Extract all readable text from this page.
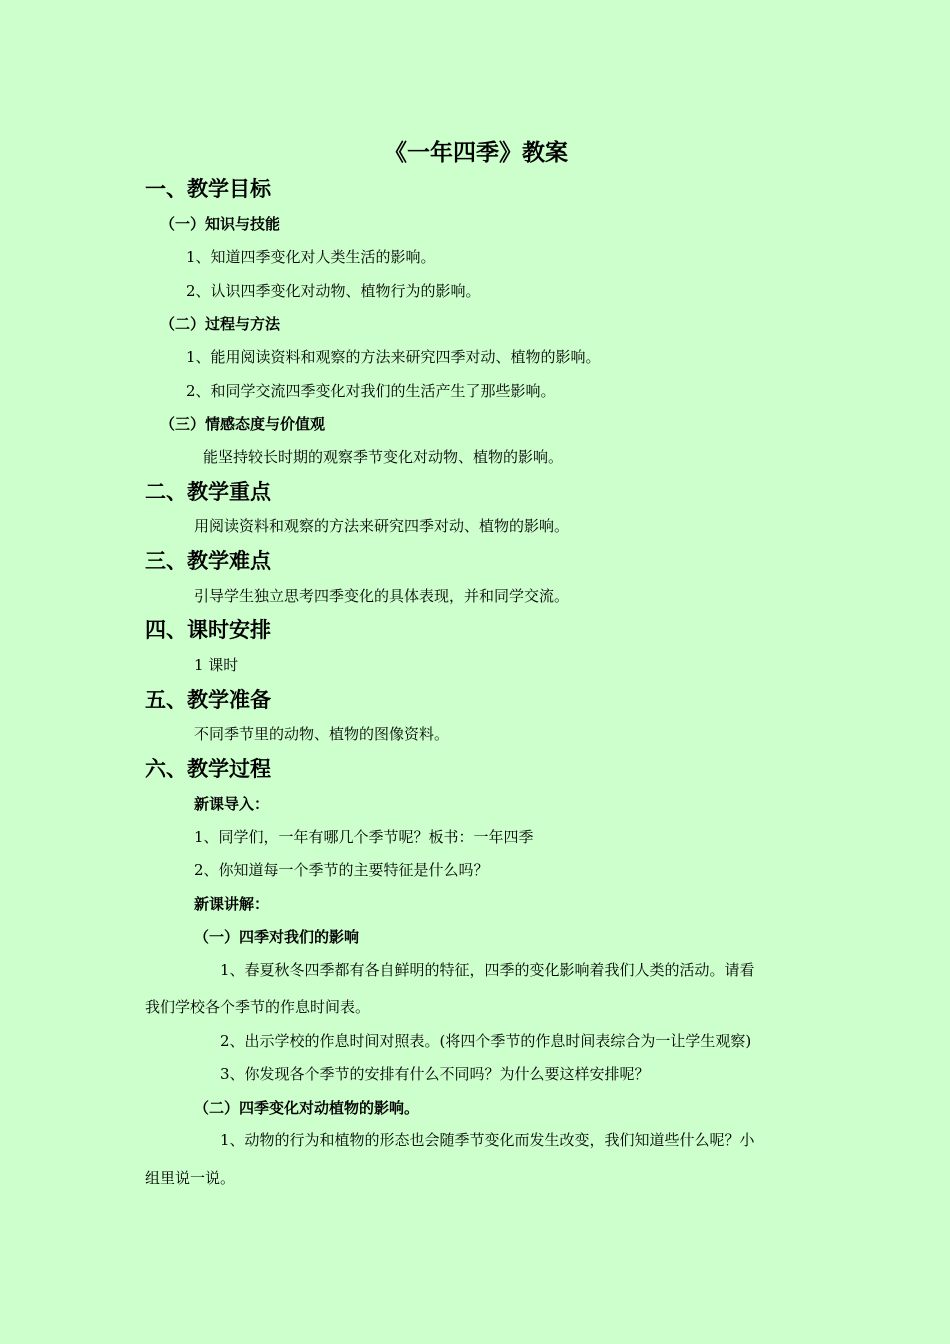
《一年四季》教案
一、教学目标
（一）知识与技能
1、知道四季变化对人类生活的影响。
2、认识四季变化对动物、植物行为的影响。
（二）过程与方法
1、能用阅读资料和观察的方法来研究四季对动、植物的影响。
2、和同学交流四季变化对我们的生活产生了那些影响。
（三）情感态度与价值观
能坚持较长时期的观察季节变化对动物、植物的影响。
二、教学重点
用阅读资料和观察的方法来研究四季对动、植物的影响。
三、教学难点
引导学生独立思考四季变化的具体表现，并和同学交流。
四、课时安排
1 课时
五、教学准备
不同季节里的动物、植物的图像资料。
六、教学过程
新课导入：
1、同学们，一年有哪几个季节呢？板书：一年四季
2、你知道每一个季节的主要特征是什么吗？
新课讲解：
（一）四季对我们的影响
1、春夏秋冬四季都有各自鲜明的特征，四季的变化影响着我们人类的活动。请看
我们学校各个季节的作息时间表。
2、出示学校的作息时间对照表。(将四个季节的作息时间表综合为一让学生观察)
3、你发现各个季节的安排有什么不同吗？为什么要这样安排呢？
（二）四季变化对动植物的影响。
1、动物的行为和植物的形态也会随季节变化而发生改变，我们知道些什么呢？小
组里说一说。
